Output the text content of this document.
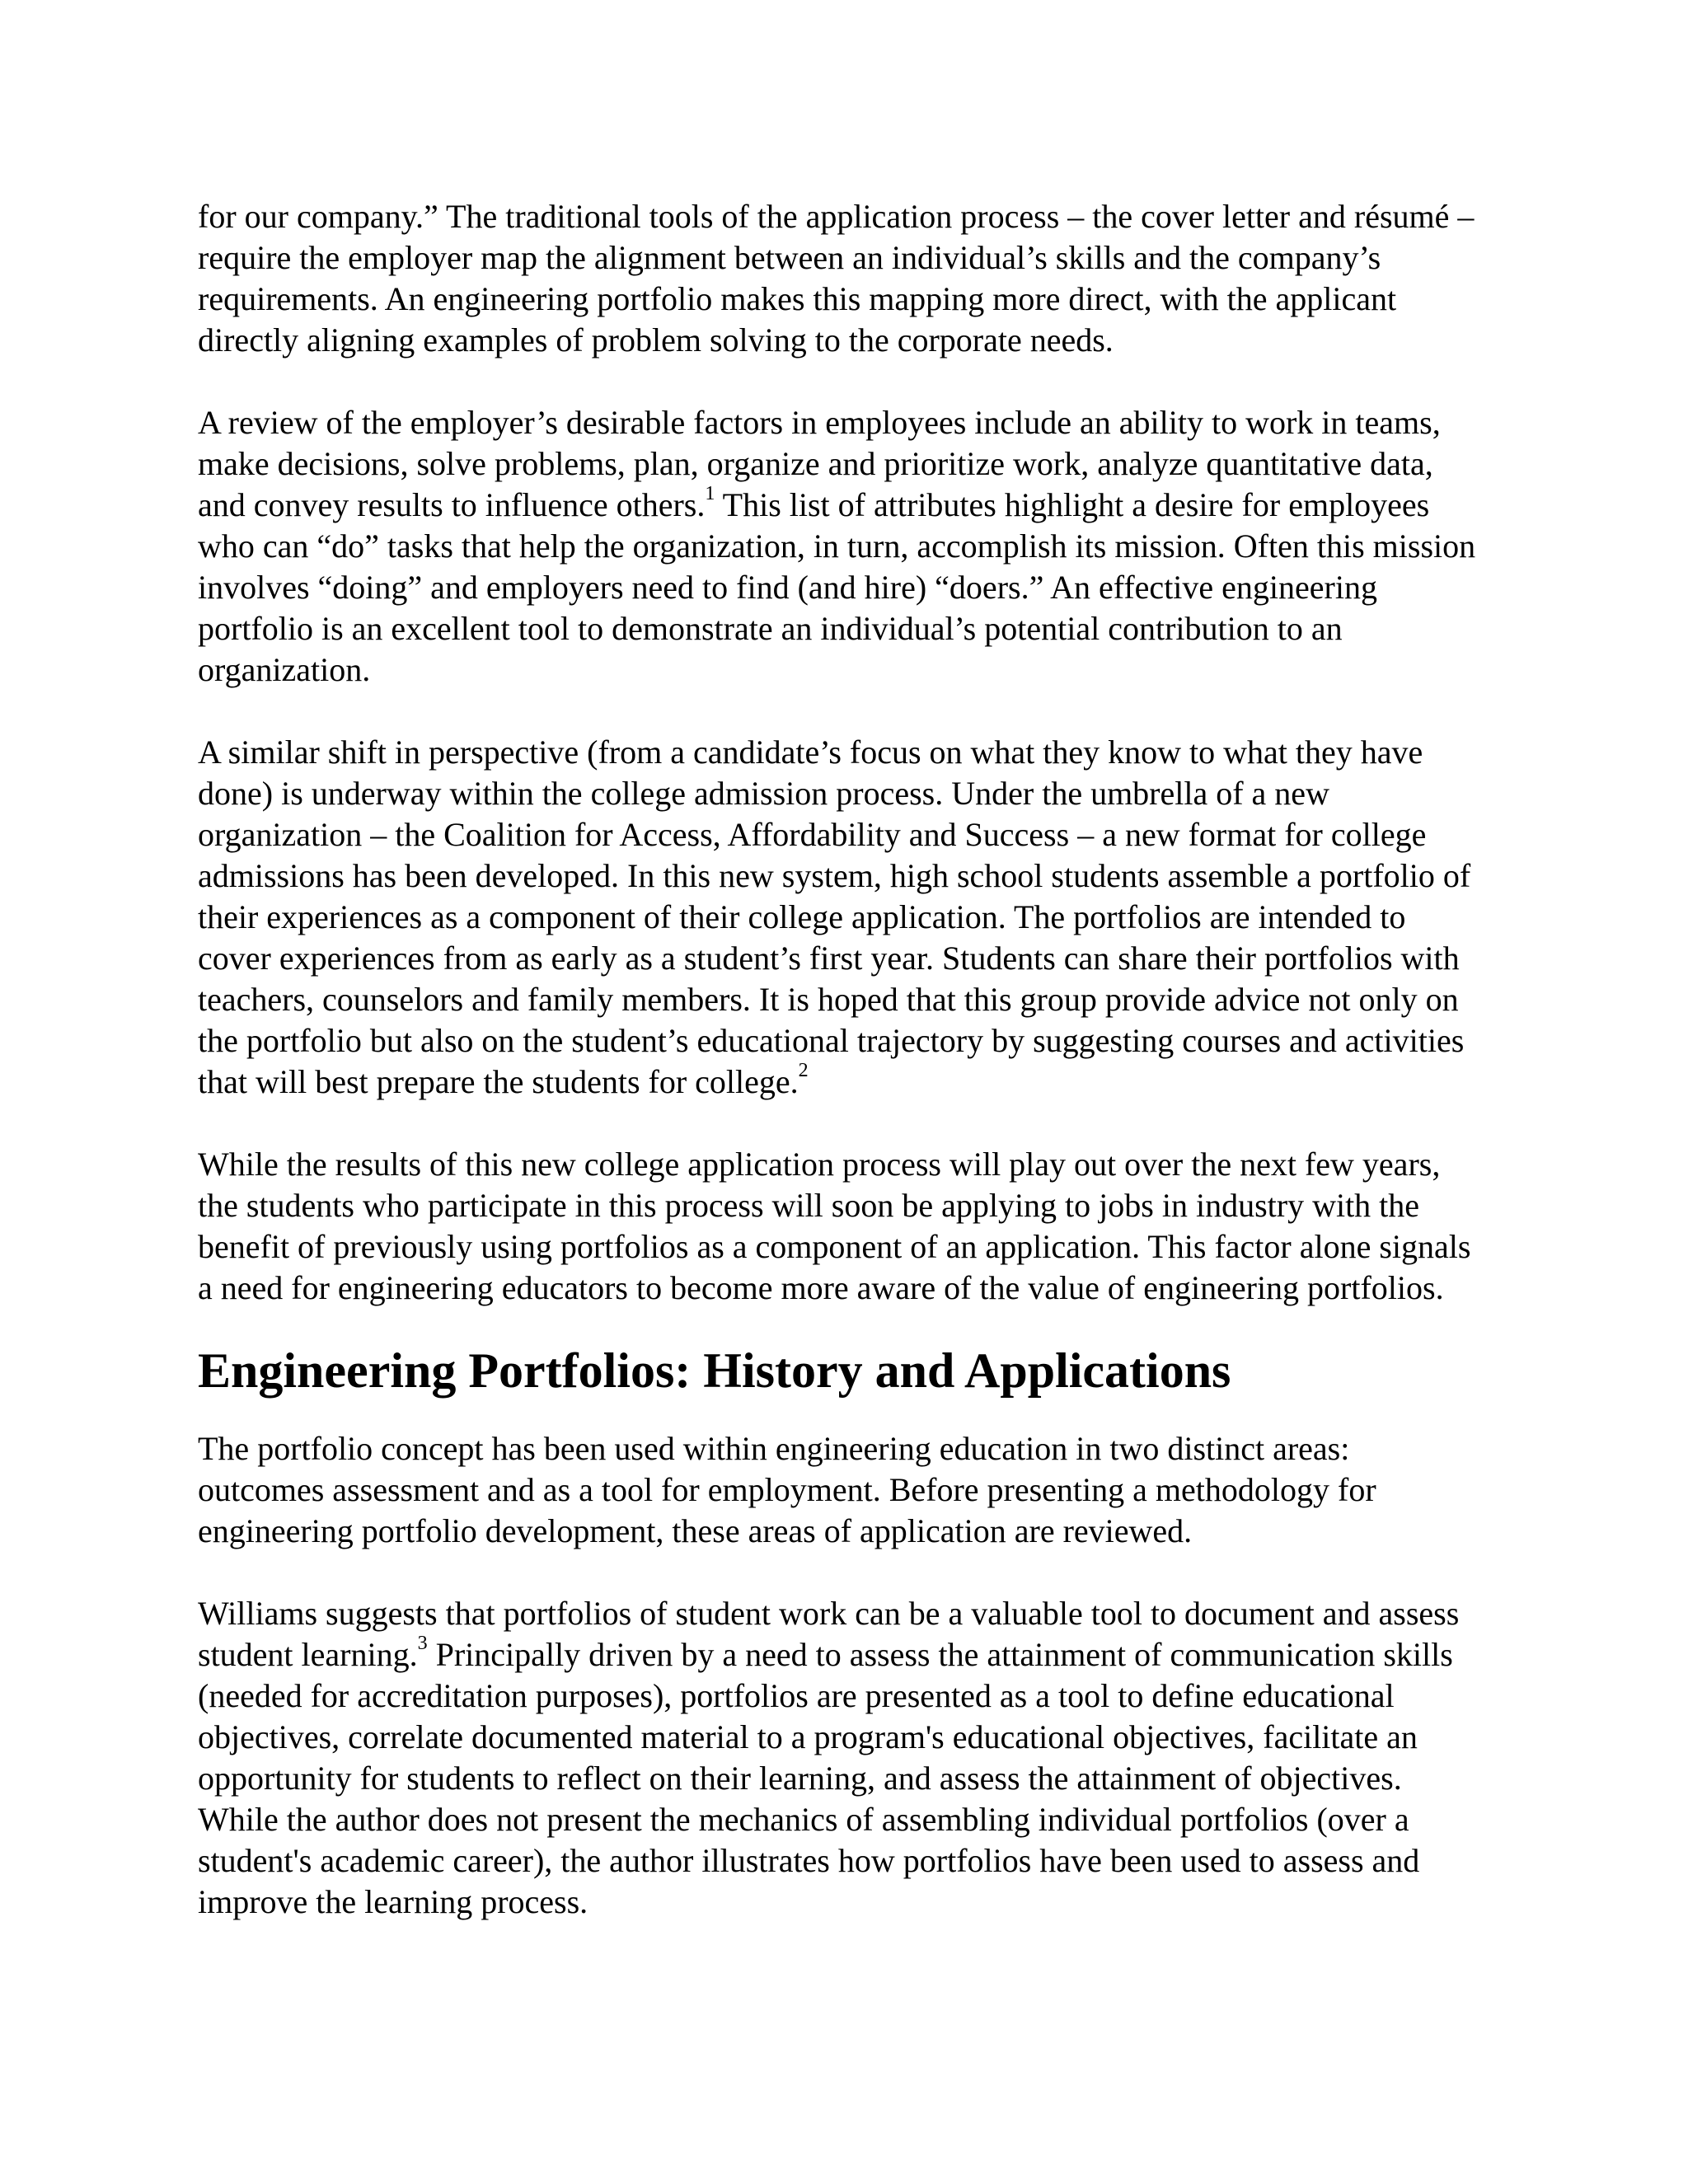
for our company.” The traditional tools of the application process – the cover letter and résumé –
require the employer map the alignment between an individual’s skills and the company’s
requirements. An engineering portfolio makes this mapping more direct, with the applicant
directly aligning examples of problem solving to the corporate needs.

A review of the employer’s desirable factors in employees include an ability to work in teams,
make decisions, solve problems, plan, organize and prioritize work, analyze quantitative data,
and convey results to influence others.$^1$ This list of attributes highlight a desire for employees
who can “do” tasks that help the organization, in turn, accomplish its mission. Often this mission
involves “doing” and employers need to find (and hire) “doers.” An effective engineering
portfolio is an excellent tool to demonstrate an individual’s potential contribution to an
organization.

A similar shift in perspective (from a candidate’s focus on what they know to what they have
done) is underway within the college admission process. Under the umbrella of a new
organization – the Coalition for Access, Affordability and Success – a new format for college
admissions has been developed. In this new system, high school students assemble a portfolio of
their experiences as a component of their college application. The portfolios are intended to
cover experiences from as early as a student’s first year. Students can share their portfolios with
teachers, counselors and family members. It is hoped that this group provide advice not only on
the portfolio but also on the student’s educational trajectory by suggesting courses and activities
that will best prepare the students for college.$^2$

While the results of this new college application process will play out over the next few years,
the students who participate in this process will soon be applying to jobs in industry with the
benefit of previously using portfolios as a component of an application. This factor alone signals
a need for engineering educators to become more aware of the value of engineering portfolios.

Engineering Portfolios: History and Applications

The portfolio concept has been used within engineering education in two distinct areas:
outcomes assessment and as a tool for employment. Before presenting a methodology for
engineering portfolio development, these areas of application are reviewed.

Williams suggests that portfolios of student work can be a valuable tool to document and assess
student learning.$^3$ Principally driven by a need to assess the attainment of communication skills
(needed for accreditation purposes), portfolios are presented as a tool to define educational
objectives, correlate documented material to a program's educational objectives, facilitate an
opportunity for students to reflect on their learning, and assess the attainment of objectives.
While the author does not present the mechanics of assembling individual portfolios (over a
student's academic career), the author illustrates how portfolios have been used to assess and
improve the learning process.
